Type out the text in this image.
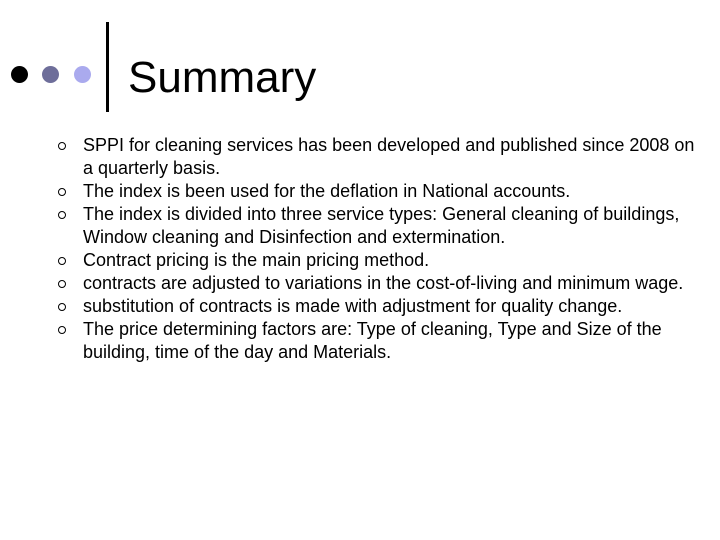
Summary
SPPI for cleaning services has been developed and published since 2008 on a quarterly basis.
The index is been used for the deflation in National accounts.
The index is divided into three service types: General cleaning of buildings, Window cleaning and Disinfection and extermination.
Contract pricing is the main pricing method.
contracts are adjusted to variations in the cost-of-living and minimum wage.
substitution of contracts is made with adjustment for quality change.
The price determining factors are: Type of cleaning, Type and Size of the building, time of the day and Materials.
